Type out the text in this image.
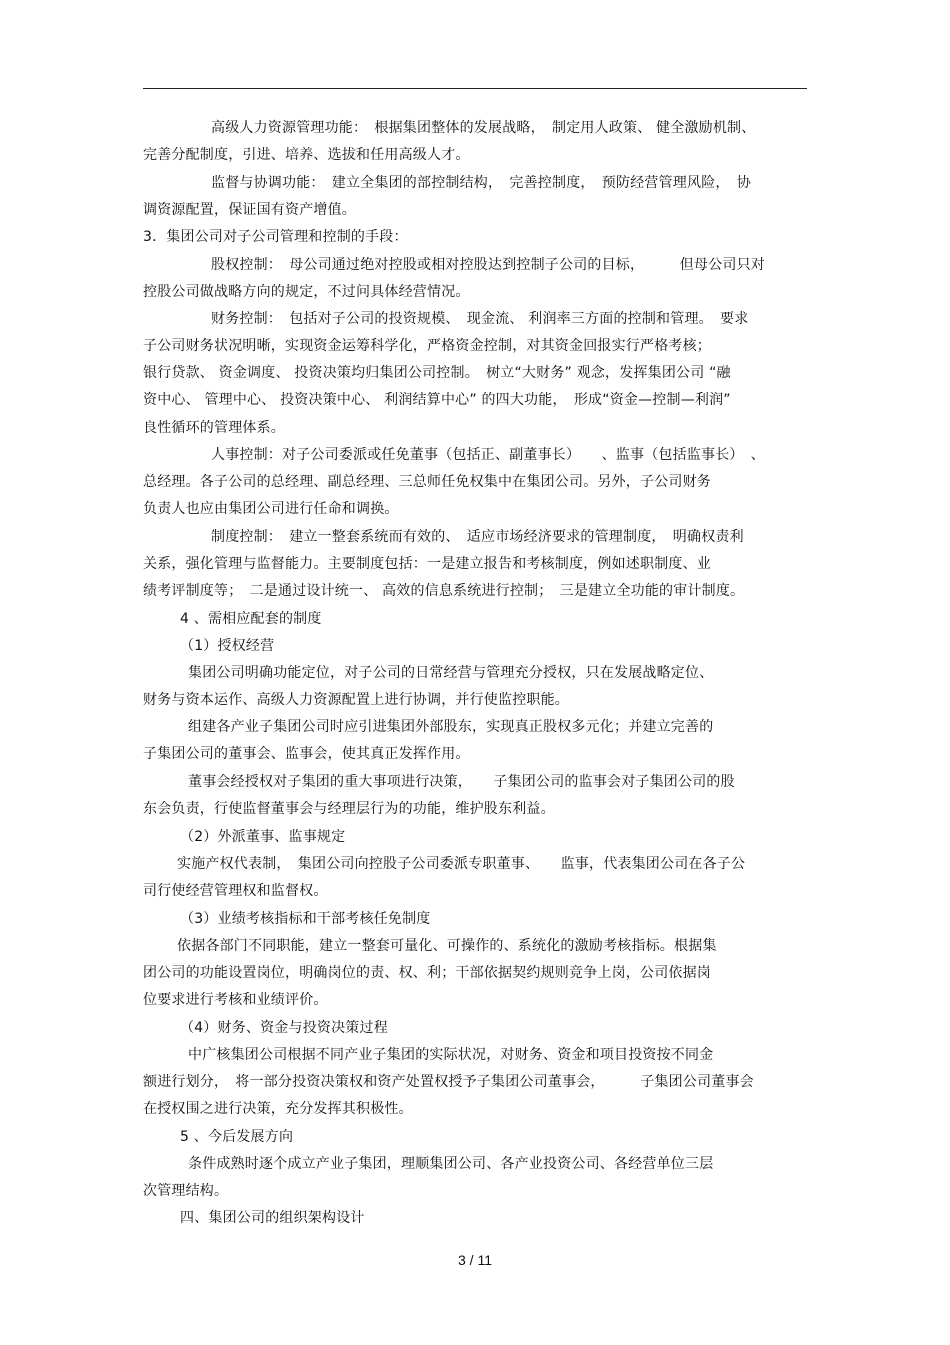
高级人力资源管理功能：　根据集团整体的发展战略，　制定用人政策、 健全激励机制、
完善分配制度，引进、培养、选拔和任用高级人才。
监督与协调功能：　建立全集团的部控制结构，　完善控制度，　预防经营管理风险，　协
调资源配置，保证国有资产增值。
3．集团公司对子公司管理和控制的手段：
股权控制：　母公司通过绝对控股或相对控股达到控制子公司的目标，　　　但母公司只对
控股公司做战略方向的规定，不过问具体经营情况。
财务控制：　包括对子公司的投资规模、　现金流、 利润率三方面的控制和管理。　要求
子公司财务状况明晰，实现资金运筹科学化，严格资金控制，对其资金回报实行严格考核；
银行贷款、 资金调度、 投资决策均归集团公司控制。　树立“大财务” 观念，发挥集团公司 “融
资中心、 管理中心、 投资决策中心、 利润结算中心” 的四大功能，　形成“资金—控制—利润”
良性循环的管理体系。
人事控制：对子公司委派或任免董事（包括正、副董事长）　　、监事（包括监事长）　、
总经理。各子公司的总经理、副总经理、三总师任免权集中在集团公司。另外，子公司财务
负责人也应由集团公司进行任命和调换。
制度控制：　建立一整套系统而有效的、　适应市场经济要求的管理制度，　明确权责利
关系，强化管理与监督能力。主要制度包括：一是建立报告和考核制度，例如述职制度、业
绩考评制度等；　二是通过设计统一、 高效的信息系统进行控制；　三是建立全功能的审计制度。
4 、需相应配套的制度
（1）授权经营
集团公司明确功能定位，对子公司的日常经营与管理充分授权，只在发展战略定位、
财务与资本运作、高级人力资源配置上进行协调，并行使监控职能。
组建各产业子集团公司时应引进集团外部股东，实现真正股权多元化；并建立完善的
子集团公司的董事会、监事会，使其真正发挥作用。
董事会经授权对子集团的重大事项进行决策，　　子集团公司的监事会对子集团公司的股
东会负责，行使监督董事会与经理层行为的功能，维护股东利益。
（2）外派董事、监事规定
实施产权代表制，　集团公司向控股子公司委派专职董事、　　监事，代表集团公司在各子公
司行使经营管理权和监督权。
（3）业绩考核指标和干部考核任免制度
依据各部门不同职能，建立一整套可量化、可操作的、系统化的激励考核指标。根据集
团公司的功能设置岗位，明确岗位的责、权、利；干部依据契约规则竞争上岗，公司依据岗
位要求进行考核和业绩评价。
（4）财务、资金与投资决策过程
中广核集团公司根据不同产业子集团的实际状况，对财务、资金和项目投资按不同金
额进行划分，　将一部分投资决策权和资产处置权授予子集团公司董事会，　　　子集团公司董事会
在授权围之进行决策，充分发挥其积极性。
5 、今后发展方向
条件成熟时逐个成立产业子集团，理顺集团公司、各产业投资公司、各经营单位三层
次管理结构。
四、集团公司的组织架构设计
3 / 11
